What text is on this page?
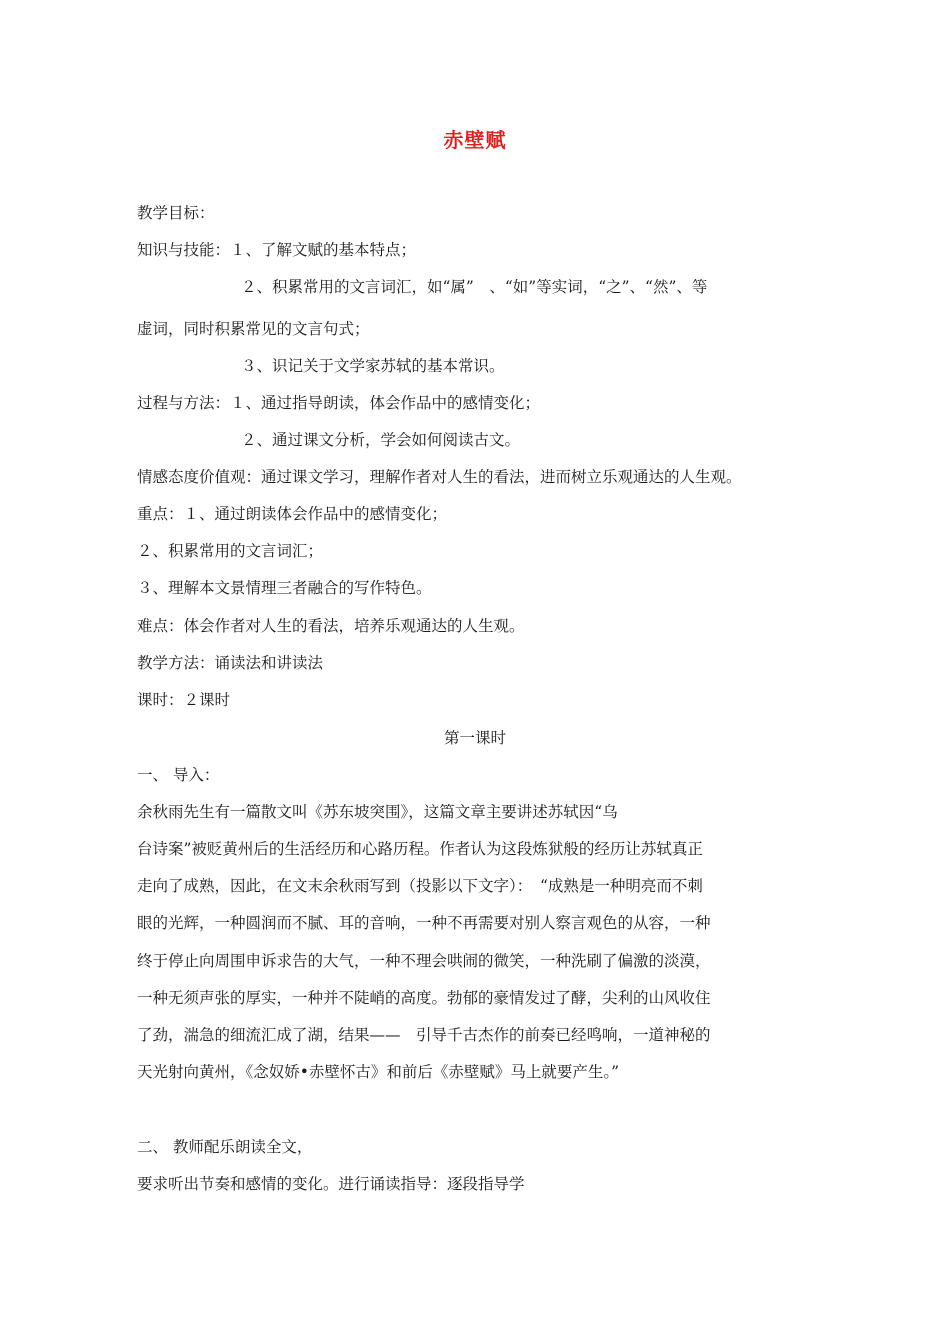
赤壁赋
教学目标：
知识与技能：１、了解文赋的基本特点；
２、积累常用的文言词汇，如“属”　、“如”等实词，“之”、“然”、等
虚词，同时积累常见的文言句式；
３、识记关于文学家苏轼的基本常识。
过程与方法：１、通过指导朗读，体会作品中的感情变化；
２、通过课文分析，学会如何阅读古文。
情感态度价值观：通过课文学习，理解作者对人生的看法，进而树立乐观通达的人生观。
重点：１、通过朗读体会作品中的感情变化；
２、积累常用的文言词汇；
３、理解本文景情理三者融合的写作特色。
难点：体会作者对人生的看法，培养乐观通达的人生观。
教学方法：诵读法和讲读法
课时：２课时
第一课时
一、 导入：
余秋雨先生有一篇散文叫《苏东坡突围》，这篇文章主要讲述苏轼因“乌
台诗案”被贬黄州后的生活经历和心路历程。作者认为这段炼狱般的经历让苏轼真正
走向了成熟，因此，在文末余秋雨写到（投影以下文字）：　“成熟是一种明亮而不刺
眼的光辉，一种圆润而不腻、耳的音响，一种不再需要对别人察言观色的从容，一种
终于停止向周围申诉求告的大气，一种不理会哄闹的微笑，一种洗刷了偏激的淡漠，
一种无须声张的厚实，一种并不陡峭的高度。勃郁的豪情发过了酵，尖利的山风收住
了劲，湍急的细流汇成了湖，结果——　引导千古杰作的前奏已经鸣响，一道神秘的
天光射向黄州，《念奴娇•赤壁怀古》和前后《赤壁赋》马上就要产生。”
二、 教师配乐朗读全文，
要求听出节奏和感情的变化。进行诵读指导：逐段指导学
